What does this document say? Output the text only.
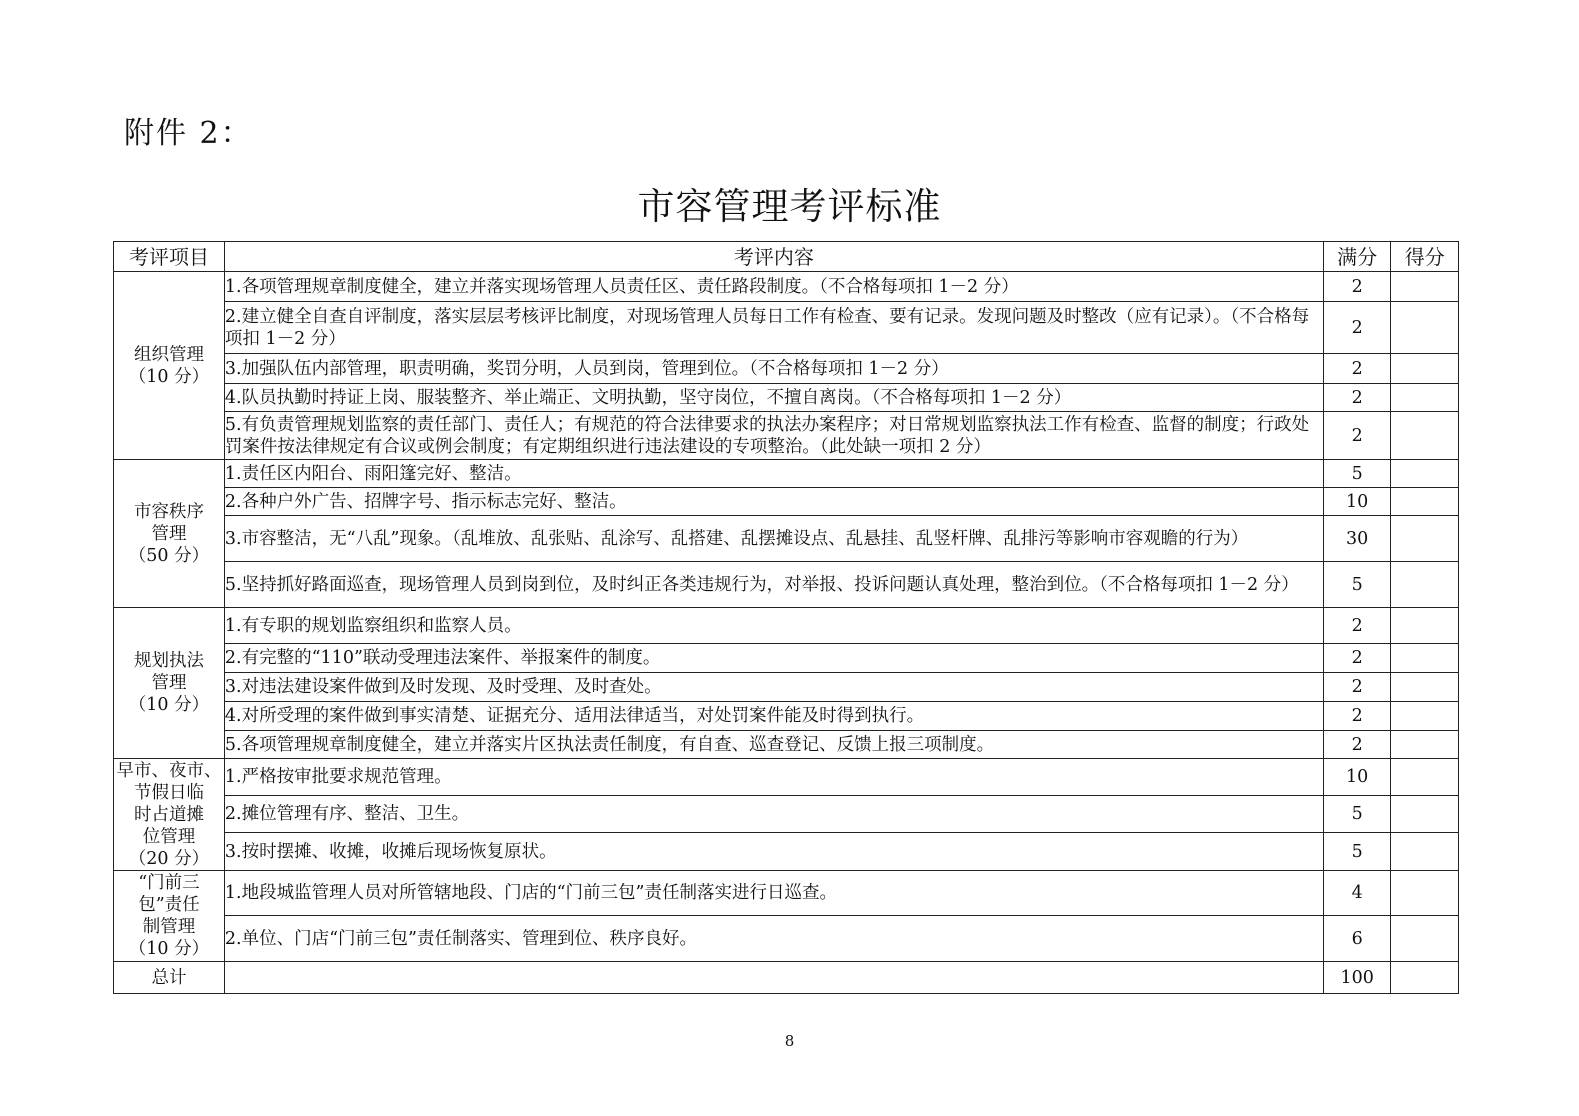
附件 2：
市容管理考评标准
考评项目	考评内容	满分	得分

组织管理
（10 分）	1.各项管理规章制度健全，建立并落实现场管理人员责任区、责任路段制度。（不合格每项扣 1－2 分）	2	
	2.建立健全自查自评制度，落实层层考核评比制度，对现场管理人员每日工作有检查、要有记录。发现问题及时整改（应有记录）。（不合格每项扣 1－2 分）	2	
	3.加强队伍内部管理，职责明确，奖罚分明，人员到岗，管理到位。（不合格每项扣 1－2 分）	2	
	4.队员执勤时持证上岗、服装整齐、举止端正、文明执勤，坚守岗位，不擅自离岗。（不合格每项扣 1－2 分）	2	
	5.有负责管理规划监察的责任部门、责任人；有规范的符合法律要求的执法办案程序；对日常规划监察执法工作有检查、监督的制度；行政处罚案件按法律规定有合议或例会制度；有定期组织进行违法建设的专项整治。（此处缺一项扣 2 分）	2	

市容秩序
管理
（50 分）	1.责任区内阳台、雨阳篷完好、整洁。	5	
	2.各种户外广告、招牌字号、指示标志完好、整洁。	10	
	3.市容整洁，无“八乱”现象。（乱堆放、乱张贴、乱涂写、乱搭建、乱摆摊设点、乱悬挂、乱竖杆牌、乱排污等影响市容观瞻的行为）	30	
	5.坚持抓好路面巡查，现场管理人员到岗到位，及时纠正各类违规行为，对举报、投诉问题认真处理，整治到位。（不合格每项扣 1－2 分）	5	

规划执法
管理
（10 分）	1.有专职的规划监察组织和监察人员。	2	
	2.有完整的“110”联动受理违法案件、举报案件的制度。	2	
	3.对违法建设案件做到及时发现、及时受理、及时查处。	2	
	4.对所受理的案件做到事实清楚、证据充分、适用法律适当，对处罚案件能及时得到执行。	2	
	5.各项管理规章制度健全，建立并落实片区执法责任制度，有自查、巡查登记、反馈上报三项制度。	2	

早市、夜市、
节假日临
时占道摊
位管理
（20 分）	1.严格按审批要求规范管理。	10	
	2.摊位管理有序、整洁、卫生。	5	
	3.按时摆摊、收摊，收摊后现场恢复原状。	5	

“门前三
包”责任
制管理
（10 分）	1.地段城监管理人员对所管辖地段、门店的“门前三包”责任制落实进行日巡查。	4	
	2.单位、门店“门前三包”责任制落实、管理到位、秩序良好。	6	
总计		100	
8
